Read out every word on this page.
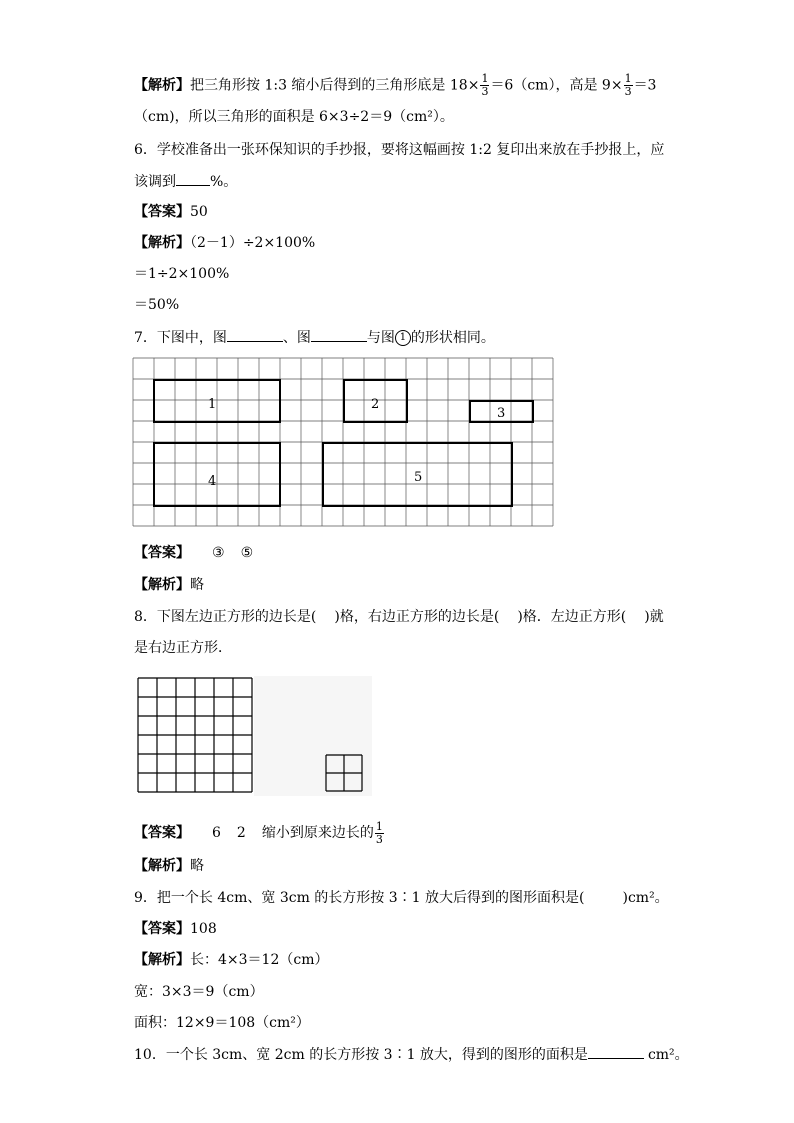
【解析】把三角形按 1:3 缩小后得到的三角形底是 $18\times \frac{1}{3} =6(cm)$，高是 $9\times \frac{1}{3} =3$
（cm)，所以三角形的面积是 6×3÷2＝9（cm²）。
6．学校准备出一张环保知识的手抄报，要将这幅画按 1:2 复印出来放在手抄报上，应
该调到 %。
【答案】50
【解析】（2－1）÷2×100%
＝1÷2×100%
＝50%
7．下图中，图	、图	与图 1 的形状相同。
1	2
3
4	5
【答案】 ③ ⑤
【解析】略
8．下图左边正方形的边长是( )格，右边正方形的边长是( )格．左边正方形( )就
是右边正方形．
【答案】 6 2 缩小到原来边长的 $\frac{1}{3}$
【解析】略
9．把一个长 4cm、宽 3cm 的长方形按 3∶1 放大后得到的图形面积是(	)cm²。
【答案】108
【解析】长：4×3＝12（cm）
宽：3×3＝9（cm）
面积：12×9＝108（cm²）
10．一个长 3cm、宽 2cm 的长方形按 3∶1 放大，得到的图形的面积是	cm²。
